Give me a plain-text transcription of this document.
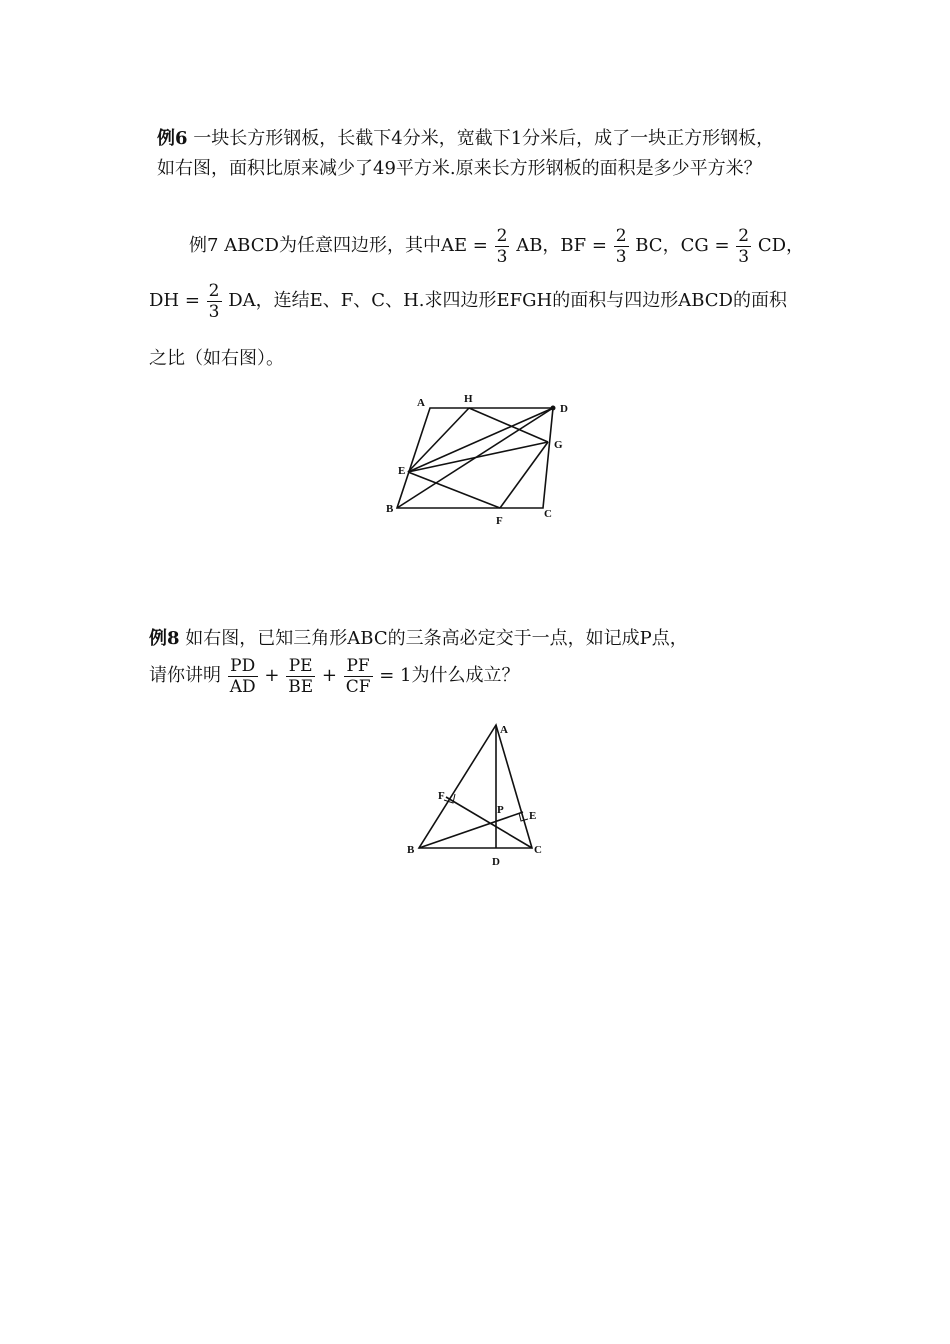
例6 一块长方形钢板，长截下4分米，宽截下1分米后，成了一块正方形钢板，
如右图，面积比原来减少了49平方米.原来长方形钢板的面积是多少平方米？
例7 ABCD为任意四边形，其中AE = $\frac{2}{3}$ AB，BF = $\frac{2}{3}$ BC，CG = $\frac{2}{3}$ CD，
DH = $\frac{2}{3}$ DA，连结E、F、C、H.求四边形EFGH的面积与四边形ABCD的面积
之比（如右图）。
A	H
D
G
E
B
F
C
例8 如右图，已知三角形ABC的三条高必定交于一点，如记成P点，
请你讲明 $\frac{PD}{AD} + \frac{PE}{BE} + \frac{PF}{CF} = 1$为什么成立？
A
F
P E
B
D
C
